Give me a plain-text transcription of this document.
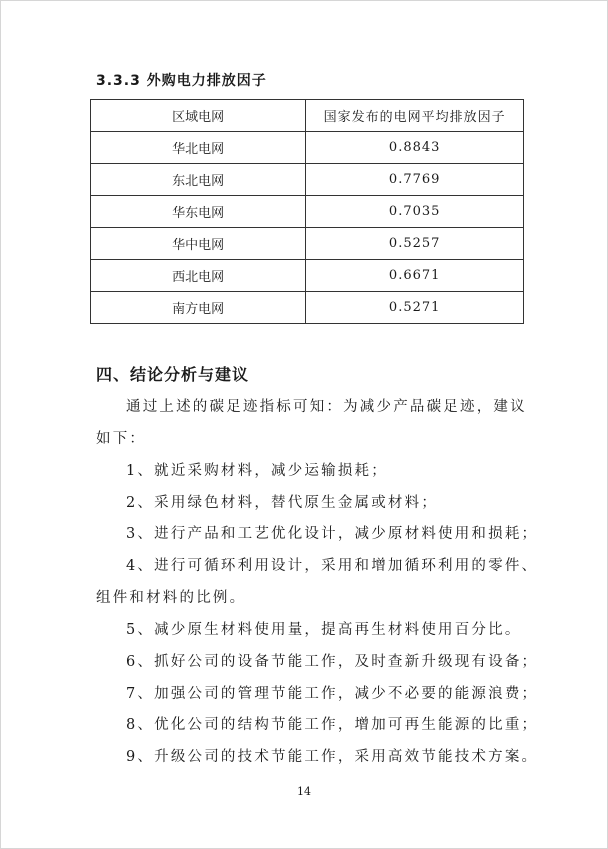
3.3.3 外购电力排放因子
区域电网	国家发布的电网平均排放因子
华北电网	0.8843
东北电网	0.7769
华东电网	0.7035
华中电网	0.5257
西北电网	0.6671
南方电网	0.5271
四、结论分析与建议
通过上述的碳足迹指标可知：为减少产品碳足迹，建议
如下：
1、就近采购材料，减少运输损耗；
2、采用绿色材料，替代原生金属或材料；
3、进行产品和工艺优化设计，减少原材料使用和损耗；
4、进行可循环利用设计，采用和增加循环利用的零件、
组件和材料的比例。
5、减少原生材料使用量，提高再生材料使用百分比。
6、抓好公司的设备节能工作，及时查新升级现有设备；
7、加强公司的管理节能工作，减少不必要的能源浪费；
8、优化公司的结构节能工作，增加可再生能源的比重；
9、升级公司的技术节能工作，采用高效节能技术方案。
14
